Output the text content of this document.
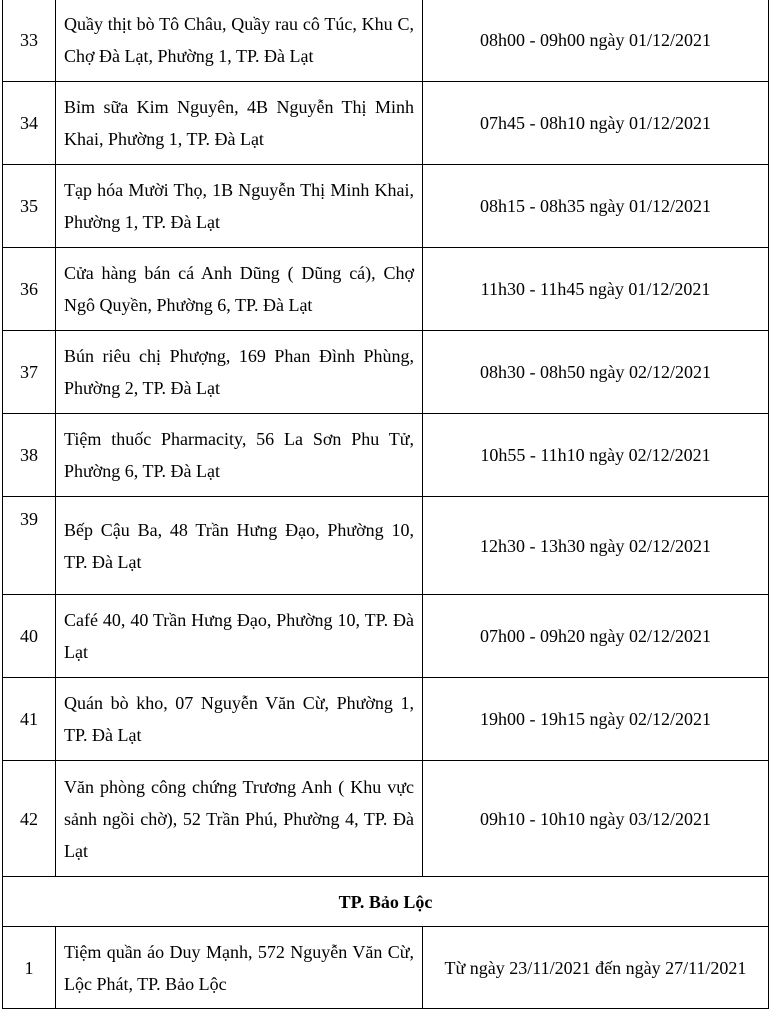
33	Quầy thịt bò Tô Châu, Quầy rau cô Túc, Khu C, Chợ Đà Lạt, Phường 1, TP. Đà Lạt	08h00 - 09h00 ngày 01/12/2021
34	Bỉm sữa Kim Nguyên, 4B Nguyễn Thị Minh Khai, Phường 1, TP. Đà Lạt	07h45 - 08h10 ngày 01/12/2021
35	Tạp hóa Mười Thọ, 1B Nguyễn Thị Minh Khai, Phường 1, TP. Đà Lạt	08h15 - 08h35 ngày 01/12/2021
36	Cửa hàng bán cá Anh Dũng ( Dũng cá), Chợ Ngô Quyền, Phường 6, TP. Đà Lạt	11h30 - 11h45 ngày 01/12/2021
37	Bún riêu chị Phượng, 169 Phan Đình Phùng, Phường 2, TP. Đà Lạt	08h30 - 08h50 ngày 02/12/2021
38	Tiệm thuốc Pharmacity, 56 La Sơn Phu Tử, Phường 6, TP. Đà Lạt	10h55 - 11h10 ngày 02/12/2021
39	Bếp Cậu Ba, 48 Trần Hưng Đạo, Phường 10, TP. Đà Lạt	12h30 - 13h30 ngày 02/12/2021
40	Café 40, 40 Trần Hưng Đạo, Phường 10, TP. Đà Lạt	07h00 - 09h20 ngày 02/12/2021
41	Quán bò kho, 07 Nguyễn Văn Cừ, Phường 1, TP. Đà Lạt	19h00 - 19h15 ngày 02/12/2021
42	Văn phòng công chứng Trương Anh ( Khu vực sảnh ngồi chờ), 52 Trần Phú, Phường 4, TP. Đà Lạt	09h10 - 10h10 ngày 03/12/2021
TP. Bảo Lộc		
1	Tiệm quần áo Duy Mạnh, 572 Nguyễn Văn Cừ, Lộc Phát, TP. Bảo Lộc	Từ ngày 23/11/2021 đến ngày 27/11/2021
